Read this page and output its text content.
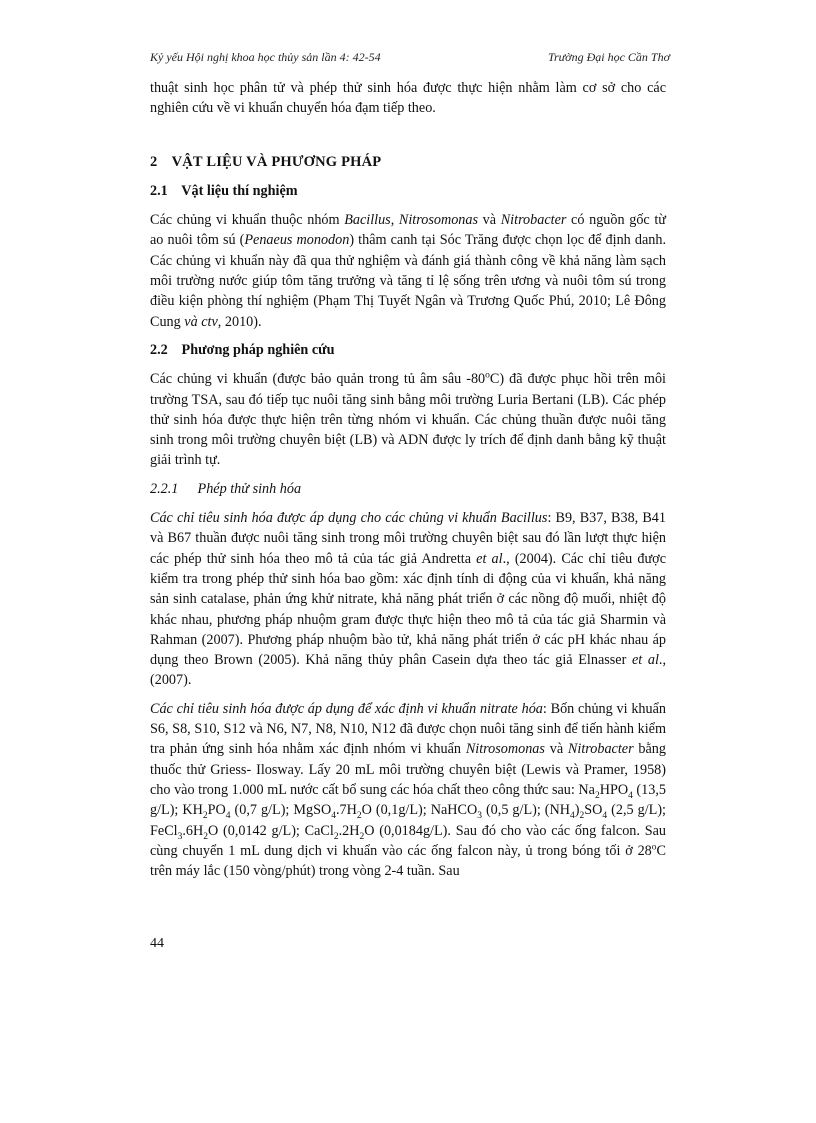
Kỷ yếu Hội nghị khoa học thủy sản lần 4: 42-54	Trường Đại học Cần Thơ

thuật sinh học phân tử và phép thử sinh hóa được thực hiện nhằm làm cơ sở cho các nghiên cứu về vi khuẩn chuyển hóa đạm tiếp theo.

2 VẬT LIỆU VÀ PHƯƠNG PHÁP
2.1 Vật liệu thí nghiệm

Các chủng vi khuẩn thuộc nhóm Bacillus, Nitrosomonas và Nitrobacter có nguồn gốc từ ao nuôi tôm sú (Penaeus monodon) thâm canh tại Sóc Trăng được chọn lọc để định danh. Các chủng vi khuẩn này đã qua thử nghiệm và đánh giá thành công về khả năng làm sạch môi trường nước giúp tôm tăng trưởng và tăng tỉ lệ sống trên ương và nuôi tôm sú trong điều kiện phòng thí nghiệm (Phạm Thị Tuyết Ngân và Trương Quốc Phú, 2010; Lê Đông Cung và ctv, 2010).

2.2 Phương pháp nghiên cứu

Các chủng vi khuẩn (được bảo quản trong tủ âm sâu -80$^o$C) đã được phục hồi trên môi trường TSA, sau đó tiếp tục nuôi tăng sinh bằng môi trường Luria Bertani (LB). Các phép thử sinh hóa được thực hiện trên từng nhóm vi khuẩn. Các chủng thuần được nuôi tăng sinh trong môi trường chuyên biệt (LB) và ADN được ly trích để định danh bằng kỹ thuật giải trình tự.

2.2.1 Phép thử sinh hóa

Các chỉ tiêu sinh hóa được áp dụng cho các chủng vi khuẩn Bacillus: B9, B37, B38, B41 và B67 thuần được nuôi tăng sinh trong môi trường chuyên biệt sau đó lần lượt thực hiện các phép thử sinh hóa theo mô tả của tác giả Andretta et al., (2004). Các chỉ tiêu được kiểm tra trong phép thử sinh hóa bao gồm: xác định tính di động của vi khuẩn, khả năng sản sinh catalase, phản ứng khử nitrate, khả năng phát triển ở các nồng độ muối, nhiệt độ khác nhau, phương pháp nhuộm gram được thực hiện theo mô tả của tác giả Sharmin và Rahman (2007). Phương pháp nhuộm bào tử, khả năng phát triển ở các pH khác nhau áp dụng theo Brown (2005). Khả năng thủy phân Casein dựa theo tác giả Elnasser et al., (2007).

Các chỉ tiêu sinh hóa được áp dụng để xác định vi khuẩn nitrate hóa: Bốn chủng vi khuẩn S6, S8, S10, S12 và N6, N7, N8, N10, N12 đã được chọn nuôi tăng sinh để tiến hành kiểm tra phản ứng sinh hóa nhằm xác định nhóm vi khuẩn Nitrosomonas và Nitrobacter bằng thuốc thử Griess- Ilosway. Lấy 20 mL môi trường chuyên biệt (Lewis và Pramer, 1958) cho vào trong 1.000 mL nước cất bổ sung các hóa chất theo công thức sau: $Na_2HPO_4$ (13,5 g/L); $KH_2PO_4$ (0,7 g/L); $MgSO_4.7H_2O$ (0,1g/L); NaHCO$_3$ (0,5 g/L); $(NH_4)_2SO_4$ (2,5 g/L); $FeCl_3.6H_2O$ (0,0142 g/L); $CaCl_2.2H_2O$ (0,0184g/L). Sau đó cho vào các ống falcon. Sau cùng chuyển 1 mL dung dịch vi khuẩn vào các ống falcon này, ủ trong bóng tối ở 28$^o$C trên máy lắc (150 vòng/phút) trong vòng 2-4 tuần. Sau

44
